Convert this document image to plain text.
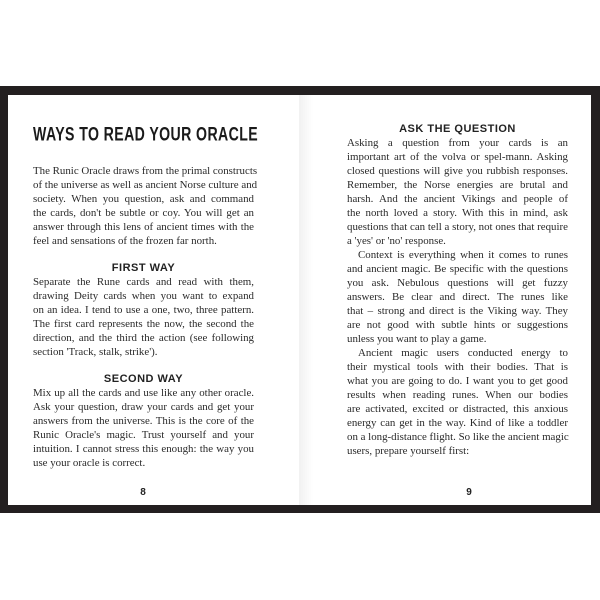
WAYS TO READ YOUR ORACLE
The Runic Oracle draws from the primal constructs
of the universe as well as ancient Norse culture and
society. When you question, ask and command
the cards, don't be subtle or coy. You will get an
answer through this lens of ancient times with the
feel and sensations of the frozen far north.
FIRST WAY
Separate the Rune cards and read with them,
drawing Deity cards when you want to expand
on an idea. I tend to use a one, two, three pattern.
The first card represents the now, the second the
direction, and the third the action (see following
section 'Track, stalk, strike').
SECOND WAY
Mix up all the cards and use like any other oracle.
Ask your question, draw your cards and get your
answers from the universe. This is the core of the
Runic Oracle's magic. Trust yourself and your
intuition. I cannot stress this enough: the way you
use your oracle is correct.
8
ASK THE QUESTION
Asking a question from your cards is an
important art of the volva or spel-mann. Asking
closed questions will give you rubbish responses.
Remember, the Norse energies are brutal and
harsh. And the ancient Vikings and people of
the north loved a story. With this in mind, ask
questions that can tell a story, not ones that require
a 'yes' or 'no' response.
Context is everything when it comes to runes
and ancient magic. Be specific with the questions
you ask. Nebulous questions will get fuzzy
answers. Be clear and direct. The runes like
that – strong and direct is the Viking way. They
are not good with subtle hints or suggestions
unless you want to play a game.
Ancient magic users conducted energy to
their mystical tools with their bodies. That is
what you are going to do. I want you to get good
results when reading runes. When our bodies
are activated, excited or distracted, this anxious
energy can get in the way. Kind of like a toddler
on a long-distance flight. So like the ancient magic
users, prepare yourself first:
9
